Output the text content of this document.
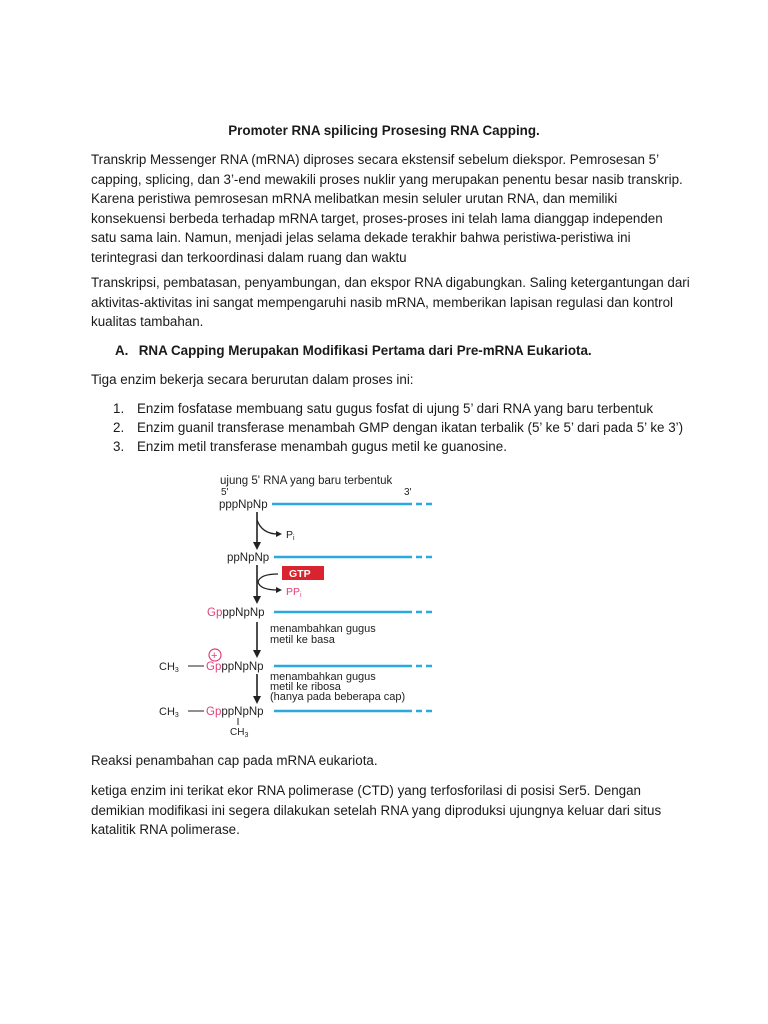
Promoter RNA spilicing Prosesing RNA Capping.

Transkrip Messenger RNA (mRNA) diproses secara ekstensif sebelum diekspor. Pemrosesan 5’ capping, splicing, dan 3’-end mewakili proses nuklir yang merupakan penentu besar nasib transkrip. Karena peristiwa pemrosesan mRNA melibatkan mesin seluler urutan RNA, dan memiliki konsekuensi berbeda terhadap mRNA target, proses-proses ini telah lama dianggap independen satu sama lain. Namun, menjadi jelas selama dekade terakhir bahwa peristiwa-peristiwa ini terintegrasi dan terkoordinasi dalam ruang dan waktu

Transkripsi, pembatasan, penyambungan, dan ekspor RNA digabungkan. Saling ketergantungan dari aktivitas-aktivitas ini sangat mempengaruhi nasib mRNA, memberikan lapisan regulasi dan kontrol kualitas tambahan.

A. RNA Capping Merupakan Modifikasi Pertama dari Pre-mRNA Eukariota.

Tiga enzim bekerja secara berurutan dalam proses ini:

1. Enzim fosfatase membuang satu gugus fosfat di ujung 5’ dari RNA yang baru terbentuk
2. Enzim guanil transferase menambah GMP dengan ikatan terbalik (5’ ke 5’ dari pada 5’ ke 3’)
3. Enzim metil transferase menambah gugus metil ke guanosine.
ujung 5' RNA yang baru terbentuk
5'	3'
pppNpNp
Pi
ppNpNp
GTP
PPi
GpppNpNp
menambahkan gugus
metil ke basa
+
CH3 GpppNpNp
menambahkan gugus
metil ke ribosa
(hanya pada beberapa cap)
CH3 GpppNpNp
$CH_3$
Reaksi penambahan cap pada mRNA eukariota.

ketiga enzim ini terikat ekor RNA polimerase (CTD) yang terfosforilasi di posisi Ser5. Dengan demikian modifikasi ini segera dilakukan setelah RNA yang diproduksi ujungnya keluar dari situs katalitik RNA polimerase.
